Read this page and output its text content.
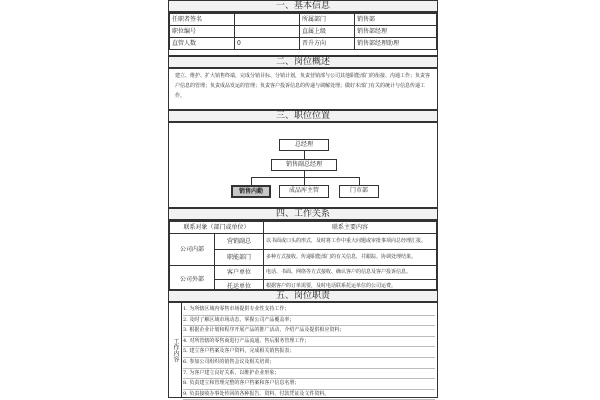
一、基本信息
任职者签名		所属部门	销售部
职位编号		直属上级	销售部经理
直管人数	0	晋升方向	销售部经理助理
二、岗位概述
建立、维护、扩大销售终端，完成分销目标、分销计划，负责营销部与公司其他职能部门的衔接、沟通工作；负责客户信息的管理；负责成品发运的管理；负责客户投诉信息的传递与调解处理；做好本部门有关的统计与信息传递工作。
三、职位位置
总经理
销售副总经理
销售内勤	成品库主管	门市部
四、工作关系
联系对象（部门或单位）		联系主要内容
公司内部	营销副总	以书面或口头的形式，及时将工作中重大问题或审批事项向总经理汇报。
	职能部门	多种方式接收、传递职能部门的有关信息，并跟踪、协调处理结果。
公司外部	客户单位	电话、书面、网络等方式接收、确认客户的信息及客户投诉信息。
	托运单位	根据客户的订单需要，及时电话联系托运单位的公司运费。
五、岗位职责
工作内容
1. 为所辖区域内零售市场提供专业性支持工作；
2. 及时了解区域市场动态，掌握公司产品覆盖率；
3. 根据企业计划和程序开展产品的推广活动，介绍产品及提供相应资料；
4. 对所管辖的零售商进行产品流通、售后服务管理工作；
5. 建立客户档案及客户资料，完成相关销售报表；
6. 参加公司组织的销售会议及相关培训；
7. 为客户建立良好关系，以维护企业形象；
8. 负责建立和管理完整的客户档案和客户信息名册；
9. 负责接收办事处传回的各种报告、资料、付款凭证及文件资料。
